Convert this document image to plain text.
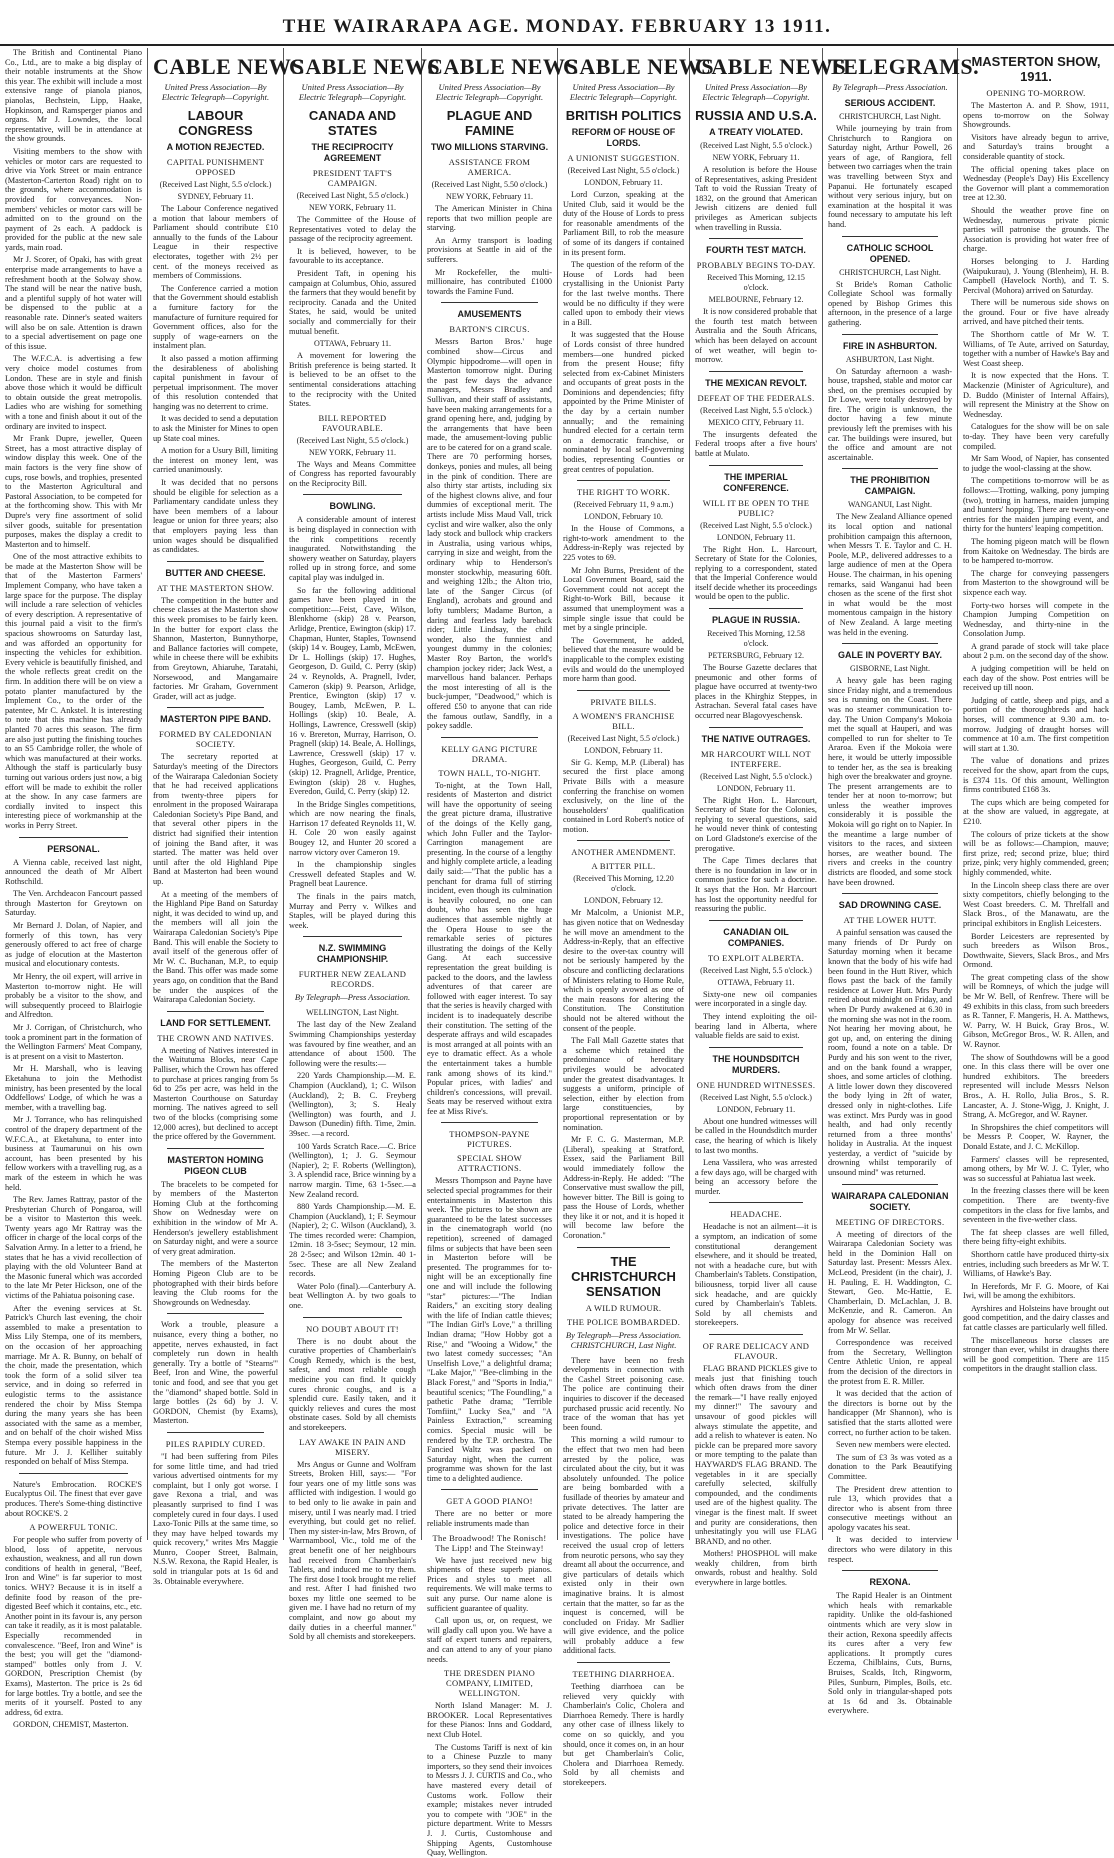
THE WAIRARAPA AGE. MONDAY. FEBRUARY 13 1911.
The British and Continental Piano Co., Ltd., are to make a big display of their notable instruments at the Show this year. The exhibit will include a most extensive range of pianola pianos, pianolas, Bechstein, Lipp, Haake, Hopkinson, and Ramsperger pianos and organs. Mr J. Lowndes, the local representative, will be in attendance at the show grounds.
Visiting members to the show with vehicles or motor cars are requested to drive via York Street or main entrance (Masterton-Carterton Road) right on to the grounds, where accommodation is provided for conveyances. Non-members' vehicles or motor cars will be admitted on to the ground on the payment of 2s each. A paddock is provided for the public at the new sale yards, main road.
Mr J. Scorer, of Opaki, has with great enterprise made arrangements to have a refreshment booth at the Solway show. The stand will be near the native bush, and a plentiful supply of hot water will be dispensed to the public at a reasonable rate. Dinner's seated waiters will also be on sale. Attention is drawn to a special advertisement on page one of this issue.
The W.F.C.A. is advertising a few very choice model costumes from London. These are in style and finish above those which it would be difficult to obtain outside the great metropolis. Ladies who are wishing for something with a tone and finish about it out of the ordinary are invited to inspect.
Mr Frank Dupre, jeweller, Queen Street, has a most attractive display of window display this week. One of the main factors is the very fine show of cups, rose bowls, and trophies, presented to the Masterton Agricultural and Pastoral Association, to be competed for at the forthcoming show. This with Mr Dupre's very fine assortment of solid silver goods, suitable for presentation purposes, makes the display a credit to Masterton and to himself.
One of the most attractive exhibits to be made at the Masterton Show will be that of the Masterton Farmers' Implement Company, who have taken a large space for the purpose. The display will include a rare selection of vehicles of every description. A representative of this journal paid a visit to the firm's spacious showrooms on Saturday last, and was afforded an opportunity for inspecting the vehicles for exhibition. Every vehicle is beautifully finished, and the whole reflects great credit on the firm. In addition there will be on view a potato planter manufactured by the Implement Co., to the order of the patentee, Mr C. Ankstel. It is interesting to note that this machine has already planted 70 acres this season. The firm are also just putting the finishing touches to an S5 Cambridge roller, the whole of which was manufactured at their works. Although the staff is particularly busy turning out various orders just now, a big effort will be made to exhibit the roller at the show. In any case farmers are cordially invited to inspect this interesting piece of workmanship at the works in Perry Street.
PERSONAL.
A Vienna cable, received last night, announced the death of Mr Albert Rothschild.
The Ven. Archdeacon Fancourt passed through Masterton for Greytown on Saturday.
Mr Bernard J. Dolan, of Napier, and formerly of this town, has very generously offered to act free of charge as judge of elocution at the Masterton musical and elocutionary contests.
Mr Henry, the oil expert, will arrive in Masterton to-morrow night. He will probably be a visitor to the show, and will subsequently proceed to Blairlogie and Alfredton.
Mr J. Corrigan, of Christchurch, who took a prominent part in the formation of the Wellington Farmers' Meat Company, is at present on a visit to Masterton.
Mr H. Marshall, who is leaving Eketahuna to join the Methodist ministry, has been presented by the local Oddfellows' Lodge, of which he was a member, with a travelling bag.
Mr J. Torrance, who has relinquished control of the drapery department of the W.F.C.A., at Eketahuna, to enter into business at Taumarunui on his own account, has been presented by his fellow workers with a travelling rug, as a mark of the esteem in which he was held.
The Rev. James Rattray, pastor of the Presbyterian Church of Pongaroa, will be a visitor to Masterton this week. Twenty years ago Mr Rattray was the officer in charge of the local corps of the Salvation Army. In a letter to a friend, he states that he has a vivid recollection of playing with the old Volunteer Band at the Masonic funeral which was accorded to the late Mr Peter Hickson, one of the victims of the Pahiatua poisoning case.
After the evening services at St. Patrick's Church last evening, the choir assembled to make a presentation to Miss Lily Stempa, one of its members, on the occasion of her approaching marriage. Mr A. R. Bunny, on behalf of the choir, made the presentation, which took the form of a solid silver tea service, and in doing so referred in eulogistic terms to the assistance rendered the choir by Miss Stempa during the many years she has been associated with the same as a member, and on behalf of the choir wished Miss Stempa every possible happiness in the future. Mr J. J. Kelliher suitably responded on behalf of Miss Stempa.
Nature's Embrocation. ROCKE'S Eucalyptus Oil. The finest that ever gave produces. There's Some-thing distinctive about ROCKE'S. 2
A POWERFUL TONIC.
For people who suffer from poverty of blood, loss of appetite, nervous exhaustion, weakness, and all run down conditions of health in general, "Beef, Iron and Wine" is far superior to most tonics. WHY? Because it is in itself a definite food by reason of the pre-digested Beef which it contains, etc., etc. Another point in its favour is, any person can take it readily, as it is most palatable. Especially recommended in convalescence. "Beef, Iron and Wine" is the best; you will get the "diamond-stamped" bottles only from J. V. GORDON, Prescription Chemist (by Exams), Masterton. The price is 2s 6d for large bottles. Try a bottle, and see the merits of it yourself. Posted to any address, 6d extra.
GORDON, CHEMIST, Masterton.
CABLE NEWS
United Press Association—By Electric Telegraph—Copyright.
LABOUR CONGRESS
A MOTION REJECTED.
CAPITAL PUNISHMENT OPPOSED
(Received Last Night, 5.5 o'clock.)
SYDNEY, February 11.
The Labour Conference negatived a motion that labour members of Parliament should contribute £10 annually to the funds of the Labour League in their respective electorates, together with 2½ per cent. of the moneys received as members of Commissions.
The Conference carried a motion that the Government should establish a furniture factory for the manufacture of furniture required for Government offices, also for the supply of wage-earners on the instalment plan.
It also passed a motion affirming the desirableness of abolishing capital punishment in favour of perpetual imprisonment. The mover of this resolution contended that hanging was no deterrent to crime.
It was decided to send a deputation to ask the Minister for Mines to open up State coal mines.
A motion for a Usury Bill, limiting the interest on money lent, was carried unanimously.
It was decided that no persons should be eligible for selection as a Parliamentary candidate unless they have been members of a labour league or union for three years; also that employers paying less than union wages should be disqualified as candidates.
BUTTER AND CHEESE.
AT THE MASTERTON SHOW.
The competition in the butter and cheese classes at the Masterton show this week promises to be fairly keen. In the butter for export class the Shannon, Masterton, Bunnythorpe, and Ballance factories will compete, while in cheese there will be exhibits from Greytown, Ahiaruhe, Taratahi, Norsewood, and Mangamaire factories. Mr Graham, Government Grader, will act as judge.
MASTERTON PIPE BAND.
FORMED BY CALEDONIAN SOCIETY.
The secretary reported at Saturday's meeting of the Directors of the Wairarapa Caledonian Society that he had received applications from twenty-three pipers for enrolment in the proposed Wairarapa Caledonian Society's Pipe Band, and that several other pipers in the district had signified their intention of joining the Band after, it was started. The matter was held over until after the old Highland Pipe Band at Masterton had been wound up.
At a meeting of the members of the Highland Pipe Band on Saturday night, it was decided to wind up, and the members will all join the Wairarapa Caledonian Society's Pipe Band. This will enable the Society to avail itself of the generous offer of Mr W. C. Buchanan, M.P., to equip the Band. This offer was made some years ago, on condition that the Band be under the auspices of the Wairarapa Caledonian Society.
LAND FOR SETTLEMENT.
THE CROWN AND NATIVES.
A meeting of Natives interested in the Waitutuma Blocks, near Cape Palliser, which the Crown has offered to purchase at prices ranging from 5s 6d to 25s per acre, was held in the Masterton Courthouse on Saturday morning. The natives agreed to sell two of the blocks (comprising some 12,000 acres), but declined to accept the price offered by the Government.
MASTERTON HOMING PIGEON CLUB
The bracelets to be competed for by members of the Masterton Homing Club at the forthcoming Show on Wednesday were on exhibition in the window of Mr A. Henderson's jewellery establishment on Saturday night, and were a source of very great admiration.
The members of the Masterton Homing Pigeon Club are to be photographed with their birds before leaving the Club rooms for the Showgrounds on Wednesday.
Work a trouble, pleasure a nuisance, every thing a bother, no appetite, nerves exhausted, in fact completely run down in health generally. Try a bottle of "Stearns'" Beef, Iron and Wine, the powerful tonic and food, and see that you get the "diamond" shaped bottle. Sold in large bottles (2s 6d) by J. V. GORDON, Chemist (by Exams), Masterton.
PILES RAPIDLY CURED.
"I had been suffering from Piles for some little time, and had tried various advertised ointments for my complaint, but I only got worse. I gave Rexona a trial, and was pleasantly surprised to find I was completely cured in four days. I used Laxo-Tonic Pills at the same time, so they may have helped towards my quick recovery," writes Mrs Maggie Munro, Cooper Street, Balmain, N.S.W. Rexona, the Rapid Healer, is sold in triangular pots at 1s 6d and 3s. Obtainable everywhere.
CABLE NEWS
United Press Association—By Electric Telegraph—Copyright.
CANADA AND STATES
THE RECIPROCITY AGREEMENT
PRESIDENT TAFT'S CAMPAIGN.
(Received Last Night, 5.5 o'clock.)
NEW YORK, February 11.
The Committee of the House of Representatives voted to delay the passage of the reciprocity agreement.
It is believed, however, to be favourable to its acceptance.
President Taft, in opening his campaign at Columbus, Ohio, assured the farmers that they would benefit by reciprocity. Canada and the United States, he said, would be united socially and commercially for their mutual benefit.
OTTAWA, February 11.
A movement for lowering the British preference is being started. It is believed to be an offset to the sentimental considerations attaching to the reciprocity with the United States.
BILL REPORTED FAVOURABLE.
(Received Last Night, 5.5 o'clock.)
NEW YORK, February 11.
The Ways and Means Committee of Congress has reported favourably on the Reciprocity Bill.
BOWLING.
A considerable amount of interest is being displayed in connection with the rink competitions recently inaugurated. Notwithstanding the showery weather on Saturday, players rolled up in strong force, and some capital play was indulged in.
So far the following additional games have been played in the competition:—Feist, Cave, Wilson, Blenkhorne (skip) 28 v. Pearson, Arlidge, Prentice, Ewington (skip) 17. Chapman, Hunter, Staples, Townsend (skip) 14 v. Bougey, Lamb, McEwen, Dr L. Hollings (skip) 17. Hughes, Georgeson, D. Guild, C. Perry (skip) 24 v. Reynolds, A. Pragnell, Ivder, Cameron (skip) 9. Pearson, Arlidge, Prentice, Ewington (skip) 17 v. Bougey, Lamb, McEwen, P. L. Hollings (skip) 10. Beale, A. Hollings, Lawrence, Cresswell (skip) 16 v. Brereton, Murray, Harrison, O. Pragnell (skip) 14. Beale, A. Hollings, Lawrence, Cresswell (skip) 17 v. Hughes, Georgeson, Guild, C. Perry (skip) 12. Pragnell, Arlidge, Prentice, Ewington (skip) 28 v. Hughes, Everedon, Guild, C. Perry (skip) 12.
In the Bridge Singles competitions, which are now nearing the finals, Harrison 17 defeated Reynolds 11, W. H. Cole 20 won easily against Bougey 12, and Hunter 20 scored a narrow victory over Cameron 19.
In the championship singles Cresswell defeated Staples and W. Pragnell beat Laurence.
The finals in the pairs match, Murray and Perry v. Wilkes and Staples, will be played during this week.
N.Z. SWIMMING CHAMPIONSHIP.
FURTHER NEW ZEALAND RECORDS.
By Telegraph—Press Association.
WELLINGTON, Last Night.
The last day of the New Zealand Swimming Championships yesterday was favoured by fine weather, and an attendance of about 1500. The following were the results:—
220 Yards Championship.—M. E. Champion (Auckland), 1; C. Wilson (Auckland), 2; B. C. Freyberg (Wellington), 3; S. Healy (Wellington) was fourth, and J. Dawson (Dunedin) fifth. Time, 2min. 39sec. —a record.
100 Yards Scratch Race.—C. Brice (Wellington), 1; J. G. Seymour (Napier), 2; F. Roberts (Wellington), 3. A splendid race, Brice winning by a narrow margin. Time, 63 1-5sec.—a New Zealand record.
880 Yards Championship.—M. E. Champion (Auckland), 1; F. Seymour (Napier), 2; C. Wilson (Auckland), 3. The times recorded were: Champion, 12min. 18 3-5sec; Seymour, 12 min. 28 2-5sec; and Wilson 12min. 40 1-5sec. These are all New Zealand records.
Water Polo (final).—Canterbury A. beat Wellington A. by two goals to one.
NO DOUBT ABOUT IT!
There is no doubt about the curative properties of Chamberlain's Cough Remedy, which is the best, safest, and most reliable cough medicine you can find. It quickly cures chronic coughs, and is a splendid cure. Easily taken, and it quickly relieves and cures the most obstinate cases. Sold by all chemists and storekeepers.
LAY AWAKE IN PAIN AND MISERY.
Mrs Angus or Gunne and Wolfram Streets, Broken Hill, says:— "For four years one of my little sons was afflicted with indigestion. I would go to bed only to lie awake in pain and misery, until I was nearly mad. I tried everything, but could get no relief. Then my sister-in-law, Mrs Brown, of Warrnambool, Vic., told me of the great benefit one of her neighbours had received from Chamberlain's Tablets, and induced me to try them. The first dose I took brought me relief and rest. After I had finished two boxes my little one seemed to be given me. I have had no return of my complaint, and now go about my daily duties in a cheerful manner." Sold by all chemists and storekeepers.
CABLE NEWS
United Press Association—By Electric Telegraph—Copyright.
PLAGUE AND FAMINE
TWO MILLIONS STARVING.
ASSISTANCE FROM AMERICA.
(Received Last Night, 5.50 o'clock.)
NEW YORK, February 11.
The American Minister in China reports that two million people are starving.
An Army transport is loading provisions at Seattle in aid of the sufferers.
Mr Rockefeller, the multi-millionaire, has contributed £1000 towards the Famine Fund.
AMUSEMENTS
BARTON'S CIRCUS.
Messrs Barton Bros.' huge combined show—Circus and Olympic hippodrome—will open in Masterton tomorrow night. During the past few days the advance managers, Messrs Bradley and Sullivan, and their staff of assistants, have been making arrangements for a grand opening here, and, judging by the arrangements that have been made, the amusement-loving public are to be catered for on a grand scale. There are 70 performing horses, donkeys, ponies and mules, all being in the pink of condition. There are also thirty star artists, including six of the highest clowns alive, and four dummies of exceptional merit. The artists include Miss Maud Vall, trick cyclist and wire walker, also the only lady stock and bullock whip crackers in Australia, using various whips, carrying in size and weight, from the ordinary whip to Henderson's monster stockwhip, measuring 60ft. and weighing 12lb.; the Alton trio, late of the Sanger Circus (of England), acrobats and ground and lofty tumblers; Madame Burton, a daring and fearless lady bareback rider; Little Lindsay, the child wonder, also the funniest and youngest dummy in the colonies; Master Roy Barton, the world's champion jockey rider; Jack West, a marvellous hand balancer. Perhaps the most interesting of all is the buck-jumper, "Deadwood," which is offered £50 to anyone that can ride the famous outlaw, Sandfly, in a pokey saddle.
KELLY GANG PICTURE DRAMA.
TOWN HALL, TO-NIGHT.
To-night, at the Town Hall, residents of Masterton and district will have the opportunity of seeing the great picture drama, illustrative of the doings of the Kelly gang, which John Fuller and the Taylor-Carrington management are presenting. In the course of a lengthy and highly complete article, a leading daily said:—"That the public has a penchant for drama full of stirring incident, even though its culmination is heavily coloured, no one can doubt, who has seen the huge audiences that assemble nightly at the Opera House to see the remarkable series of pictures illustrating the doings of the Kelly Gang. At each successive representation the great building is packed to the doors, and the lawless adventures of that career are followed with eager interest. To say that the series is heavily charged with incident is to inadequately describe their constitution. The setting of the desperate affrays and wild escapades is most arranged at all points with an eye to dramatic effect. As a whole the entertainment takes a humble rank among shows of its kind." Popular prices, with ladies' and children's concessions, will prevail. Seats may be reserved without extra fee at Miss Rive's.
THOMPSON-PAYNE PICTURES.
SPECIAL SHOW ATTRACTIONS.
Messrs Thompson and Payne have selected special programmes for their entertainments in Masterton this week. The pictures to be shown are guaranteed to be the latest successes in the cinematograph world (no repetition), screened of damaged films or subjects that have been seen in Masterton before will be presented. The programmes for to-night will be an exceptionally fine one and will include the following "star" pictures:—"The Indian Raiders," an exciting story dealing with the life of Indian cattle thieves; "The Indian Girl's Love," a thrilling Indian drama; "How Hobby got a Rise," and "Wooing a Widow," the two latest comedy successes; "An Unselfish Love," a delightful drama; "Lake Major," "Bee-climbing in the Black Forest," and "Sports in India," beautiful scenics; "The Foundling," a pathetic Pathe drama; "Terrible Tomfiint," Lucky Sea," and "A Painless Extraction," screaming comics. Special music will be rendered by the T.P. orchestra. The Fancied Waltz was packed on Saturday night, when the current programme was shown for the last time to a delighted audience.
GET A GOOD PIANO!
There are no better or more reliable instruments made than
The Broadwood! The Ronisch! The Lipp! and The Steinway!
We have just received new big shipments of these superb pianos. Prices and styles to meet all requirements. We will make terms to suit any purse. Our name alone is sufficient guarantee of quality.
Call upon us, or, on request, we will gladly call upon you. We have a staff of expert tuners and repairers, and can attend to any of your piano needs.
THE DRESDEN PIANO COMPANY, LIMITED, WELLINGTON.
North Island Manager: M. J. BROOKER. Local Representatives for these Pianos: Inns and Goddard, next Club Hotel.
The Customs Tariff is next of kin to a Chinese Puzzle to many importers, so they send their invoices to Messrs J. J. CURTIS and Co., who have mastered every detail of Customs work. Follow their example; mistakes never intruded you to compete with "JOE" in the picture department. Write to Messrs J. J. Curtis, Customhouse and Shipping Agents, Customhouse Quay, Wellington.
CABLE NEWS
United Press Association—By Electric Telegraph—Copyright.
BRITISH POLITICS
REFORM OF HOUSE OF LORDS.
A UNIONIST SUGGESTION.
(Received Last Night, 5.5 o'clock.)
LONDON, February 11.
Lord Curzon, speaking at the United Club, said it would be the duty of the House of Lords to press for reasonable amendments of the Parliament Bill, to rob the measure of some of its dangers if contained in its present form.
The question of the reform of the House of Lords had been crystallising in the Unionist Party for the last twelve months. There would be no difficulty if they were called upon to embody their views in a Bill.
It was suggested that the House of Lords consist of three hundred members—one hundred picked from the present House; fifty selected from ex-Cabinet Ministers and occupants of great posts in the Dominions and dependencies; fifty appointed by the Prime Minister of the day by a certain number annually; and the remaining hundred elected for a certain term on a democratic franchise, or nominated by local self-governing bodies, representing Counties or great centres of population.
THE RIGHT TO WORK.
(Received February 11, 9 a.m.)
LONDON, February 10.
In the House of Commons, a right-to-work amendment to the Address-in-Reply was rejected by 225 votes to 69.
Mr John Burns, President of the Local Government Board, said the Government could not accept the Right-to-Work Bill, because it assumed that unemployment was a simple single issue that could be met by a single principle.
The Government, he added, believed that the measure would be inapplicable to the complex existing evils and would do the unemployed more harm than good.
PRIVATE BILLS.
A WOMEN'S FRANCHISE BILL.
(Received Last Night, 5.5 o'clock.)
LONDON, February 11.
Sir G. Kemp, M.P. (Liberal) has secured the first place among Private Bills with a measure conferring the franchise on women exclusively, on the line of the householders' qualification contained in Lord Robert's notice of motion.
ANOTHER AMENDMENT.
A BITTER PILL.
(Received This Morning, 12.20 o'clock.
LONDON, February 12.
Mr Malcolm, a Unionist M.P., has given notice that on Wednesday he will move an amendment to the Address-in-Reply, that an effective desire to the over-tax country will not be seriously hampered by the obscure and conflicting declarations of Ministers relating to Home Rule, which is openly avowed as one of the main reasons for altering the Constitution. The Constitution should not be altered without the consent of the people.
The Fall Mall Gazette states that a scheme which retained the predominance of hereditary privileges would be advocated under the greatest disadvantages. It suggests a uniform, principle of selection, either by election from large constituencies, by proportional representation or by nomination.
Mr F. C. G. Masterman, M.P. (Liberal), speaking at Stratford, Essex, said the Parliament Bill would immediately follow the Address-in-Reply. He added: "The Conservative must swallow the pill, however bitter. The Bill is going to pass the House of Lords, whether they like it or not, and it is hoped it will become law before the Coronation."
THE CHRISTCHURCH SENSATION
A WILD RUMOUR.
THE POLICE BOMBARDED.
By Telegraph—Press Association. CHRISTCHURCH, Last Night.
There have been no fresh developments in connection with the Cashel Street poisoning case. The police are continuing their inquiries to discover if the deceased purchased prussic acid recently. No trace of the woman that has yet been found.
This morning a wild rumour to the effect that two men had been arrested by the police, was circulated about the city, but it was absolutely unfounded. The police are being bombarded with a fusillade of theories by amateur and private detectives. The latter are stated to be already hampering the police and detective force in their investigations. The police have received the usual crop of letters from neurotic persons, who say they dreamt all about the occurrence, and give particulars of details which existed only in their own imaginative brains. It is almost certain that the matter, so far as the inquest is concerned, will be concluded on Friday. Mr Sadlier will give evidence, and the police will probably adduce a few additional facts.
TEETHING DIARRHOEA.
Teething diarrhoea can be relieved very quickly with Chamberlain's Colic, Cholera and Diarrhoea Remedy. There is hardly any other case of illness likely to come on so quickly, and you should, once it comes on, in an hour but get Chamberlain's Colic, Cholera and Diarrhoea Remedy. Sold by all chemists and storekeepers.
CABLE NEWS
United Press Association—By Electric Telegraph—Copyright.
RUSSIA AND U.S.A.
A TREATY VIOLATED.
(Received Last Night, 5.5 o'clock.)
NEW YORK, February 11.
A resolution is before the House of Representatives, asking President Taft to void the Russian Treaty of 1832, on the ground that American Jewish citizens are denied full privileges as American subjects when travelling in Russia.
FOURTH TEST MATCH.
PROBABLY BEGINS TO-DAY.
Received This Morning, 12.15 o'clock.
MELBOURNE, February 12.
It is now considered probable that the fourth test match between Australia and the South Africans, which has been delayed on account of wet weather, will begin to-morrow.
THE MEXICAN REVOLT.
DEFEAT OF THE FEDERALS.
(Received Last Night, 5.5 o'clock.)
MEXICO CITY, February 11.
The insurgents defeated the Federal troops after a five hours' battle at Mulato.
THE IMPERIAL CONFERENCE.
WILL IT BE OPEN TO THE PUBLIC?
(Received Last Night, 5.5 o'clock.)
LONDON, February 11.
The Right Hon. L. Harcourt, Secretary of State for the Colonies, replying to a correspondent, stated that the Imperial Conference would itself decide whether its proceedings would be open to the public.
PLAGUE IN RUSSIA.
Received This Morning, 12.58 o'clock.
PETERSBURG, February 12.
The Bourse Gazette declares that pneumonic and other forms of plague have occurred at twenty-two places in the Khirghiz Steppes, in Astrachan. Several fatal cases have occurred near Blagovyeschensk.
THE NATIVE OUTRAGES.
MR HARCOURT WILL NOT INTERFERE.
(Received Last Night, 5.5 o'clock.)
LONDON, February 11.
The Right Hon. L. Harcourt, Secretary of State for the Colonies, replying to several questions, said he would never think of contesting on Lord Gladstone's exercise of the prerogative.
The Cape Times declares that there is no foundation in law or in common justice for such a doctrine. It says that the Hon. Mr Harcourt has lost the opportunity needful for reassuring the public.
CANADIAN OIL COMPANIES.
TO EXPLOIT ALBERTA.
(Received Last Night, 5.5 o'clock.)
OTTAWA, February 11.
Sixty-one new oil companies were incorporated in a single day.
They intend exploiting the oil-bearing land in Alberta, where valuable fields are said to exist.
THE HOUNDSDITCH MURDERS.
ONE HUNDRED WITNESSES.
(Received Last Night, 5.5 o'clock.)
LONDON, February 11.
About one hundred witnesses will be called in the Houndsditch murder case, the hearing of which is likely to last two months.
Lena Vassilera, who was arrested a few days ago, will be charged with being an accessory before the murder.
HEADACHE.
Headache is not an ailment—it is a symptom, an indication of some constitutional derangement elsewhere, and it should be treated, not with a headache cure, but with Chamberlain's Tablets. Constipation, biliousness, torpid liver all cause sick headache, and are quickly cured by Chamberlain's Tablets. Sold by all chemists and storekeepers.
OF RARE DELICACY AND FLAVOUR.
FLAG BRAND PICKLES give to meals just that finishing touch which often draws from the diner the remark—"I have really enjoyed my dinner!" The savoury and unsavour of good pickles will always stimulate the appetite, and add a relish to whatever is eaten. No pickle can be prepared more savory or more tempting to the palate than HAYWARD'S FLAG BRAND. The vegetables in it are specially carefully selected, skilfully compounded, and the condiments used are of the highest quality. The vinegar is the finest malt. If sweet and purity are considerations, then unhesitatingly you will use FLAG BRAND, and no other.
Mothers! PHOSPHOL will make weakly children, from birth onwards, robust and healthy. Sold everywhere in large bottles.
TELEGRAMS.
By Telegraph—Press Association.
SERIOUS ACCIDENT.
CHRISTCHURCH, Last Night.
While journeying by train from Christchurch to Rangiora on Saturday night, Arthur Powell, 26 years of age, of Rangiora, fell between two carriages when the train was travelling between Styx and Papanui. He fortunately escaped without very serious injury, but on examination at the hospital it was found necessary to amputate his left hand.
CATHOLIC SCHOOL OPENED.
CHRISTCHURCH, Last Night.
St Bride's Roman Catholic Collegiate School was formally opened by Bishop Grimes this afternoon, in the presence of a large gathering.
FIRE IN ASHBURTON.
ASHBURTON, Last Night.
On Saturday afternoon a wash-house, trapshed, stable and motor car shed, on the premises occupied by Dr Lowe, were totally destroyed by fire. The origin is unknown, the doctor having a few minute previously left the premises with his car. The buildings were insured, but the office and amount are not ascertainable.
THE PROHIBITION CAMPAIGN.
WANGANUI, Last Night.
The New Zealand Alliance opened its local option and national prohibition campaign this afternoon, when Messrs T. E. Taylor and C. H. Poole, M.P., delivered addresses to a large audience of men at the Opera House. The chairman, in his opening remarks, said Wanganui had been chosen as the scene of the first shot in what would be the most momentous campaign in the history of New Zealand. A large meeting was held in the evening.
GALE IN POVERTY BAY.
GISBORNE, Last Night.
A heavy gale has been raging since Friday night, and a tremendous sea is running on the Coast. There was no steamer communication to-day. The Union Company's Mokoia met the squall at Hauperi, and was compelled to run for shelter to Te Araroa. Even if the Mokoia were here, it would be utterly impossible to tender her, as the sea is breaking high over the breakwater and groyne. The present arrangements are to tender her at noon to-morrow; but unless the weather improves considerably it is possible the Mokoia will go right on to Napier. In the meantime a large number of visitors to the races, and sixteen horses, are weather bound. The rivers and creeks in the country districts are flooded, and some stock have been drowned.
SAD DROWNING CASE.
AT THE LOWER HUTT.
A painful sensation was caused the many friends of Dr Purdy on Saturday morning when it became known that the body of his wife had been found in the Hutt River, which flows past the back of the family residence at Lower Hutt. Mrs Purdy retired about midnight on Friday, and when Dr Purdy awakened at 6.30 in the morning she was not in the room. Not hearing her moving about, he got up, and, on entering the dining room, found a note on a table. Dr Purdy and his son went to the river, and on the bank found a wrapper, shoes, and some articles of clothing. A little lower down they discovered the body lying in 2ft of water, dressed only in night-clothes. Life was extinct. Mrs Purdy was in good health, and had only recently returned from a three months' holiday in Australia. At the inquest yesterday, a verdict of "suicide by drowning whilst temporarily of unsound mind" was returned.
WAIRARAPA CALEDONIAN SOCIETY.
MEETING OF DIRECTORS.
A meeting of directors of the Wairarapa Caledonian Society was held in the Dominion Hall on Saturday last. Present: Messrs Alex. McLeod, President (in the chair), J. H. Pauling, E. H. Waddington, C. Stewart, Geo. Mc-Hattie, E. Chamberlain, D. McLachlan, J. B. McKenzie, and R. Cameron. An apology for absence was received from Mr W. Sellar.
Correspondence was received from the Secretary, Wellington Centre Athletic Union, re appeal from the decision of the directors in the protest from E. R. Miller.
It was decided that the action of the directors is borne out by the handicapper (Mr Shannon), who is satisfied that the starts allotted were correct, no further action to be taken.
Seven new members were elected.
The sum of £3 3s was voted as a donation to the Park Beautifying Committee.
The President drew attention to rule 13, which provides that a director who is absent from three consecutive meetings without an apology vacates his seat.
It was decided to interview directors who were dilatory in this respect.
REXONA.
The Rapid Healer is an Ointment which heals with remarkable rapidity. Unlike the old-fashioned ointments which are very slow in their action, Rexona speedily affects its cures after a very few applications. It promptly cures Eczema, Chilblains, Cuts, Burns, Bruises, Scalds, Itch, Ringworm, Piles, Sunburn, Pimples, Boils, etc. Sold only in triangular-shaped pots at 1s 6d and 3s. Obtainable everywhere.
MASTERTON SHOW, 1911.
OPENING TO-MORROW.
The Masterton A. and P. Show, 1911, opens to-morrow on the Solway Showgrounds.
Visitors have already begun to arrive, and Saturday's trains brought a considerable quantity of stock.
The official opening takes place on Wednesday (People's Day) His Excellency the Governor will plant a commemoration tree at 12.30.
Should the weather prove fine on Wednesday, numerous private picnic parties will patronise the grounds. The Association is providing hot water free of charge.
Horses belonging to J. Harding (Waipukurau), J. Young (Blenheim), H. B. Campbell (Havelock North), and T. S. Percival (Mohora) arrived on Saturday.
There will be numerous side shows on the ground. Four or five have already arrived, and have pitched their tents.
The Shorthorn cattle of Mr W. T. Williams, of Te Aute, arrived on Saturday, together with a number of Hawke's Bay and West Coast sheep.
It is now expected that the Hons. T. Mackenzie (Minister of Agriculture), and D. Buddo (Minister of Internal Affairs), will represent the Ministry at the Show on Wednesday.
Catalogues for the show will be on sale to-day. They have been very carefully compiled.
Mr Sam Wood, of Napier, has consented to judge the wool-classing at the show.
The competitions to-morrow will be as follows:—Trotting, walking, pony jumping (two), trotting in harness, maiden jumping and hunters' hopping. There are twenty-one entries for the maiden jumping event, and thirty for the hunters' leaping competition.
The homing pigeon match will be flown from Kaitoke on Wednesday. The birds are to be hampered to-morrow.
The charge for conveying passengers from Masterton to the showground will be sixpence each way.
Forty-two horses will compete in the Champion Jumping Competition on Wednesday, and thirty-nine in the Consolation Jump.
A grand parade of stock will take place about 2 p.m. on the second day of the show.
A judging competition will be held on each day of the show. Post entries will be received up till noon.
Judging of cattle, sheep and pigs, and a portion of the thoroughbreds and hack horses, will commence at 9.30 a.m. to-morrow. Judging of draught horses will commence at 10 a.m. The first competition will start at 1.30.
The value of donations and prizes received for the show, apart from the cups, is £374 11s. Of this amount, Wellington firms contributed £168 3s.
The cups which are being competed for at the show are valued, in aggregate, at £210.
The colours of prize tickets at the show will be as follows:—Champion, mauve; first prize, red; second prize, blue; third prize, pink; very highly commended, green; highly commended, white.
In the Lincoln sheep class there are over sixty competitors, chiefly belonging to the West Coast breeders. C. M. Threlfall and Slack Bros., of the Manawatu, are the principal exhibitors in English Leicesters.
Border Leicesters are represented by such breeders as Wilson Bros., Dowthwaite, Sievers, Slack Bros., and Mrs Ormond.
The great competing class of the show will be Romneys, of which the judge will be Mr W. Bell, of Renfrew. There will be 49 exhibits in this class, from such breeders as R. Tanner, F. Mangeris, H. A. Matthews, W. Parry, W. H Buick, Gray Bros., W. Gibson, McGregor Bros., W. R. Allen, and W. Raynor.
The show of Southdowns will be a good one. In this class there will be over one hundred exhibitors. The breeders represented will include Messrs Nelson Bros., A. H. Rollo, Julia Bros., S. R. Lancaster, A. J. Stone-Wigg, J. Knight, J. Strang, A. McGregor, and W. Rayner.
In Shropshires the chief competitors will be Messrs P. Cooper, W. Rayner, the Donald Estate, and J. C. McKillop.
Farmers' classes will be represented, among others, by Mr W. J. C. Tyler, who was so successful at Pahiatua last week.
In the freezing classes there will be keen competition. There are twenty-five competitors in the class for five lambs, and seventeen in the five-wether class.
The fat sheep classes are well filled, there being fifty-eight exhibits.
Shorthorn cattle have produced thirty-six entries, including such breeders as Mr W. T. Williams, of Hawke's Bay.
In Herefords, Mr F. G. Moore, of Kai Iwi, will be among the exhibitors.
Ayrshires and Holsteins have brought out good competition, and the dairy classes and fat cattle classes are particularly well filled.
The miscellaneous horse classes are stronger than ever, whilst in draughts there will be good competition. There are 115 competitors in the draught stallion class.
